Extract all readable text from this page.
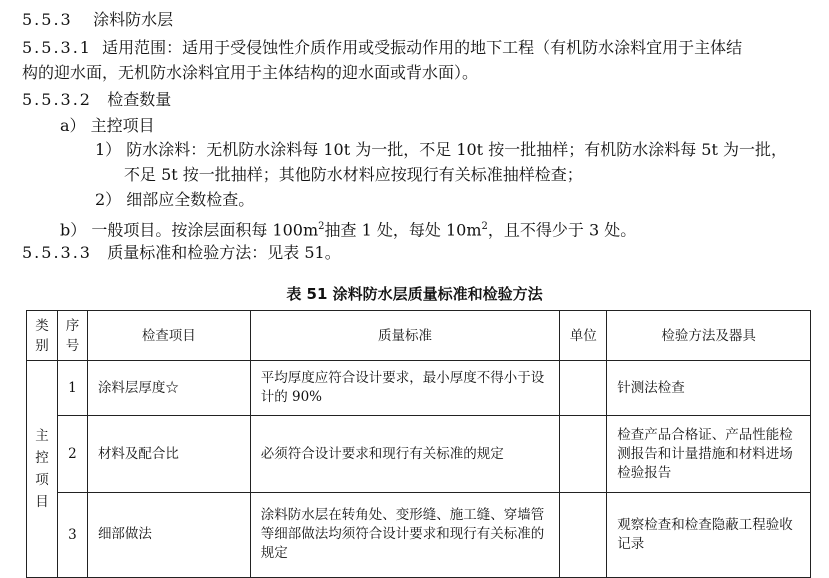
5.5.3 涂料防水层
5.5.3.1 适用范围：适用于受侵蚀性介质作用或受振动作用的地下工程（有机防水涂料宜用于主体结
构的迎水面，无机防水涂料宜用于主体结构的迎水面或背水面）。
5.5.3.2 检查数量
a） 主控项目
1） 防水涂料：无机防水涂料每 10t 为一批，不足 10t 按一批抽样；有机防水涂料每 5t 为一批，
不足 5t 按一批抽样；其他防水材料应按现行有关标准抽样检查；
2） 细部应全数检查。
b） 一般项目。按涂层面积每 $100m^2$抽查 1 处，每处 $10m^2$，且不得少于 3 处。
5.5.3.3 质量标准和检验方法：见表 51。
表 51 涂料防水层质量标准和检验方法
类别	序号	检查项目	质量标准	单位	检验方法及器具
主控项目	1	涂料层厚度☆	平均厚度应符合设计要求，最小厚度不得小于设计的 90%		针测法检查
	2	材料及配合比	必须符合设计要求和现行有关标准的规定		检查产品合格证、产品性能检测报告和计量措施和材料进场检验报告
	3	细部做法	涂料防水层在转角处、变形缝、施工缝、穿墙管等细部做法均须符合设计要求和现行有关标准的规定		观察检查和检查隐蔽工程验收记录
